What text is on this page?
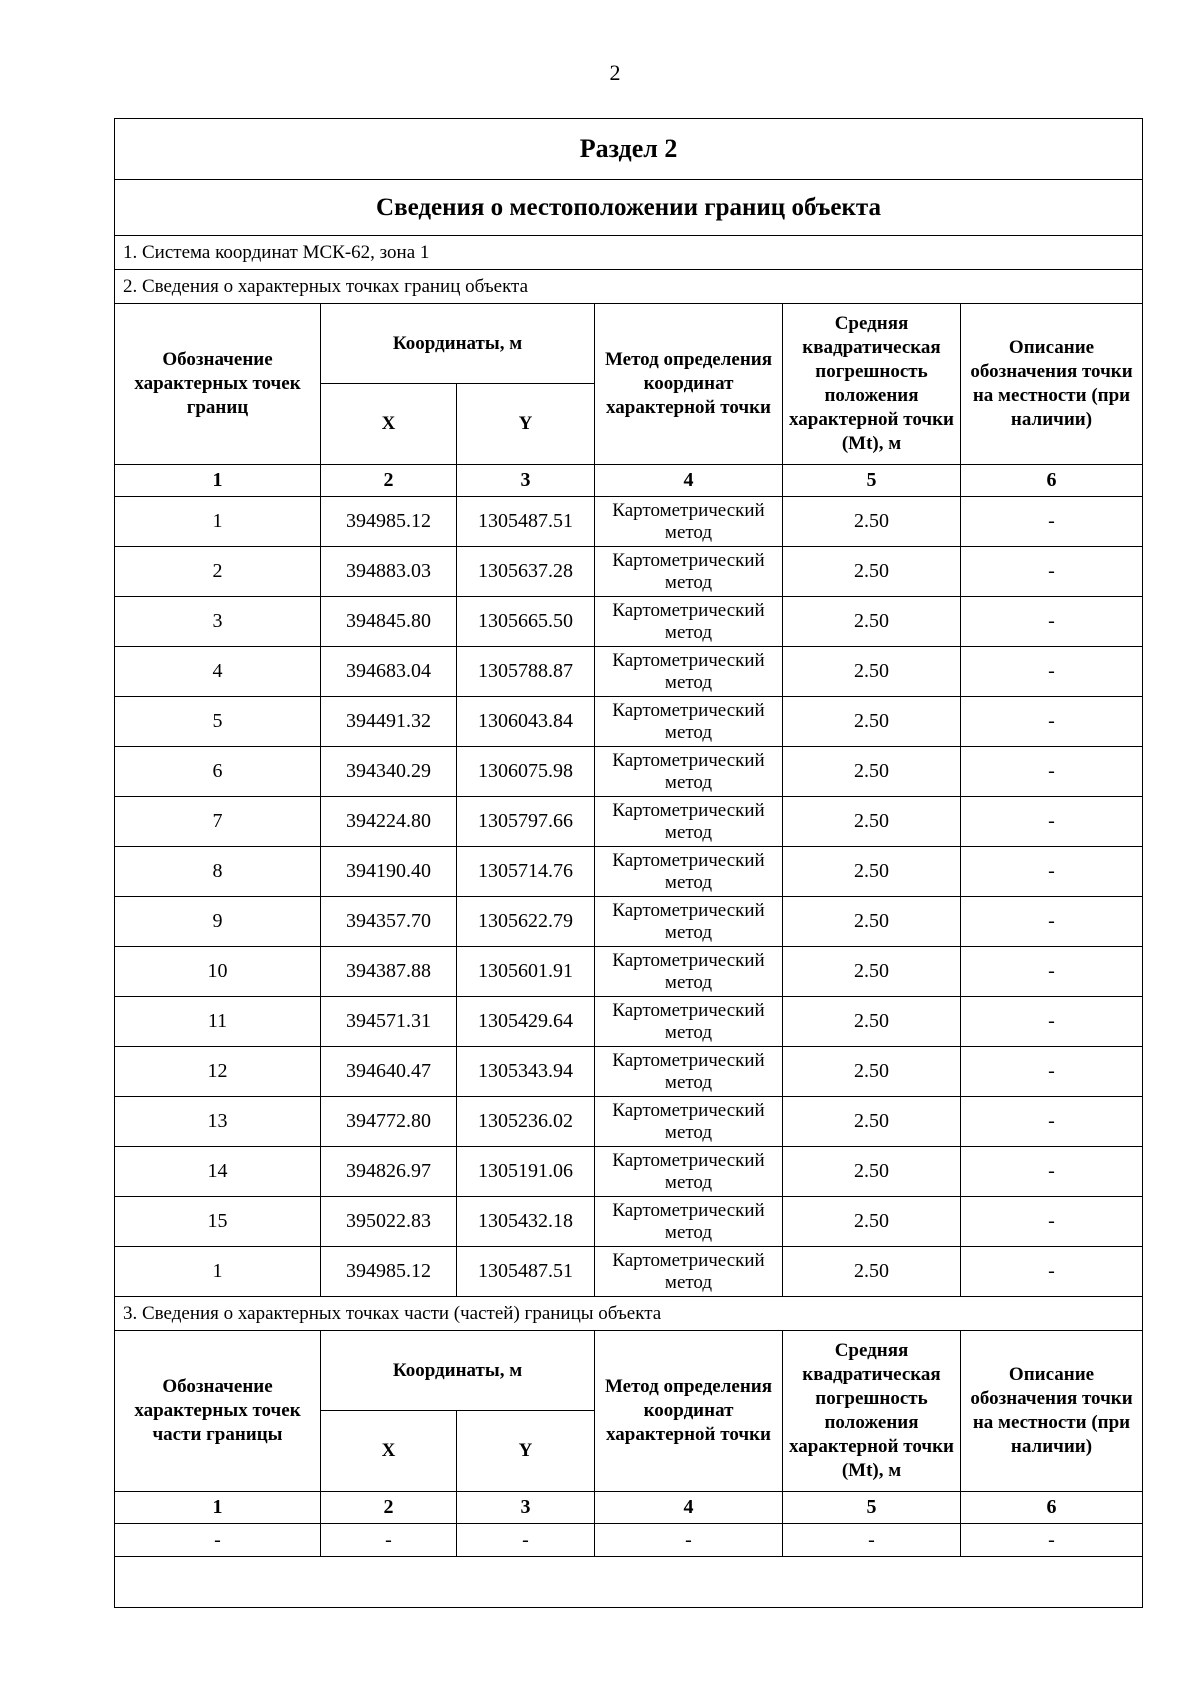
2
Раздел 2					
Сведения о местоположении границ объекта					
1. Система координат МСК-62, зона 1					
2. Сведения о характерных точках границ объекта					
Обозначение характерных точек границ	Координаты, м		Метод определения координат характерной точки	Средняя квадратическая погрешность положения характерной точки (Mt), м	Описание обозначения точки на местности (при наличии)
	X	Y			
1	2	3	4	5	6
1	394985.12	1305487.51	Картометрический метод	2.50	-
2	394883.03	1305637.28	Картометрический метод	2.50	-
3	394845.80	1305665.50	Картометрический метод	2.50	-
4	394683.04	1305788.87	Картометрический метод	2.50	-
5	394491.32	1306043.84	Картометрический метод	2.50	-
6	394340.29	1306075.98	Картометрический метод	2.50	-
7	394224.80	1305797.66	Картометрический метод	2.50	-
8	394190.40	1305714.76	Картометрический метод	2.50	-
9	394357.70	1305622.79	Картометрический метод	2.50	-
10	394387.88	1305601.91	Картометрический метод	2.50	-
11	394571.31	1305429.64	Картометрический метод	2.50	-
12	394640.47	1305343.94	Картометрический метод	2.50	-
13	394772.80	1305236.02	Картометрический метод	2.50	-
14	394826.97	1305191.06	Картометрический метод	2.50	-
15	395022.83	1305432.18	Картометрический метод	2.50	-
1	394985.12	1305487.51	Картометрический метод	2.50	-
3. Сведения о характерных точках части (частей) границы объекта					
Обозначение характерных точек части границы	Координаты, м		Метод определения координат характерной точки	Средняя квадратическая погрешность положения характерной точки (Mt), м	Описание обозначения точки на местности (при наличии)
	X	Y			
1	2	3	4	5	6
-	-	-	-	-	-
